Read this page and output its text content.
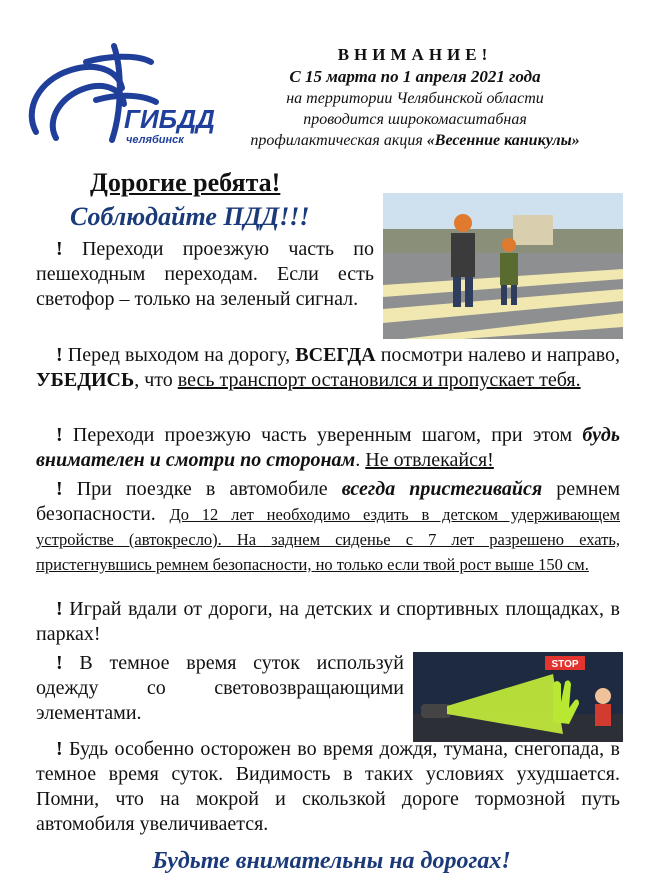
ГИБДД
челябинск
ВНИМАНИЕ!
С 15 марта по 1 апреля 2021 года
на территории Челябинской области
проводится широкомасштабная
профилактическая акция «Весенние каникулы»
Дорогие ребята!
Соблюдайте ПДД!!!
! Переходи проезжую часть по пешеходным переходам. Если есть светофор – только на зеленый сигнал.
! Перед выходом на дорогу, ВСЕГДА посмотри налево и направо, УБЕДИСЬ, что весь транспорт остановился и пропускает тебя.
! Переходи проезжую часть уверенным шагом, при этом будь внимателен и смотри по сторонам. Не отвлекайся!
! При поездке в автомобиле всегда пристегивайся ремнем безопасности. До 12 лет необходимо ездить в детском удерживающем устройстве (автокресло). На заднем сиденье с 7 лет разрешено ехать, пристегнувшись ремнем безопасности, но только если твой рост выше 150 см.
! Играй вдали от дороги, на детских и спортивных площадках, в парках!
! В темное время суток используй одежду со световозвращающими элементами.
STOP
! Будь особенно осторожен во время дождя, тумана, снегопада, в темное время суток. Видимость в таких условиях ухудшается. Помни, что на мокрой и скользкой дороге тормозной путь автомобиля увеличивается.
Будьте внимательны на дорогах!
